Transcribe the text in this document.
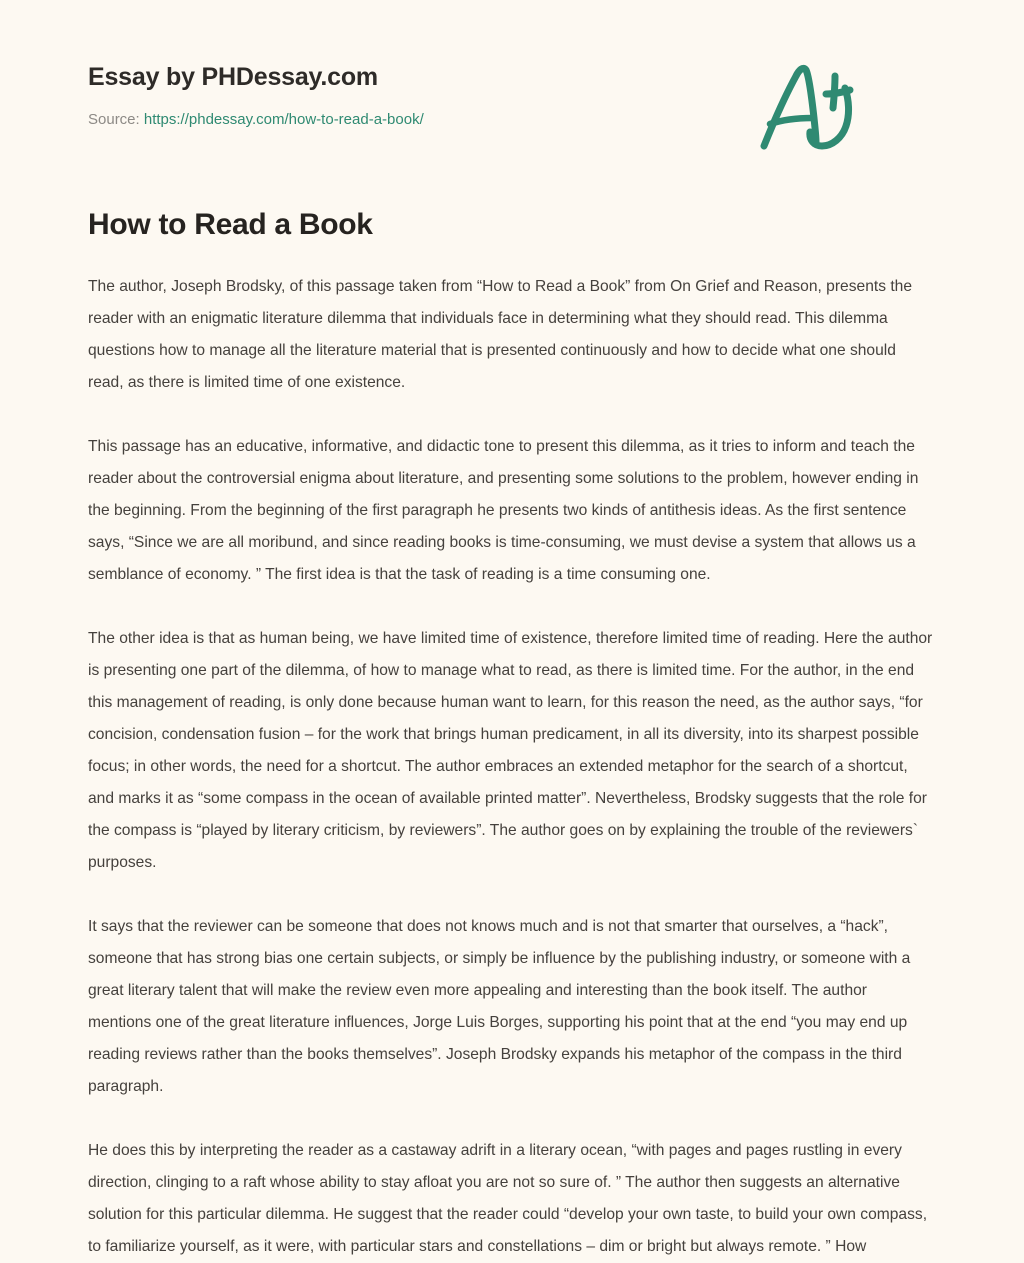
Essay by PHDessay.com
Source: https://phdessay.com/how-to-read-a-book/
How to Read a Book

The author, Joseph Brodsky, of this passage taken from “How to Read a Book” from On Grief and Reason, presents the reader with an enigmatic literature dilemma that individuals face in determining what they should read. This dilemma questions how to manage all the literature material that is presented continuously and how to decide what one should read, as there is limited time of one existence.

This passage has an educative, informative, and didactic tone to present this dilemma, as it tries to inform and teach the reader about the controversial enigma about literature, and presenting some solutions to the problem, however ending in the beginning. From the beginning of the first paragraph he presents two kinds of antithesis ideas. As the first sentence says, “Since we are all moribund, and since reading books is time-consuming, we must devise a system that allows us a semblance of economy. ” The first idea is that the task of reading is a time consuming one.

The other idea is that as human being, we have limited time of existence, therefore limited time of reading. Here the author is presenting one part of the dilemma, of how to manage what to read, as there is limited time. For the author, in the end this management of reading, is only done because human want to learn, for this reason the need, as the author says, “for concision, condensation fusion – for the work that brings human predicament, in all its diversity, into its sharpest possible focus; in other words, the need for a shortcut. The author embraces an extended metaphor for the search of a shortcut, and marks it as “some compass in the ocean of available printed matter”. Nevertheless, Brodsky suggests that the role for the compass is “played by literary criticism, by reviewers”. The author goes on by explaining the trouble of the reviewers` purposes.

It says that the reviewer can be someone that does not knows much and is not that smarter that ourselves, a “hack”, someone that has strong bias one certain subjects, or simply be influence by the publishing industry, or someone with a great literary talent that will make the review even more appealing and interesting than the book itself. The author mentions one of the great literature influences, Jorge Luis Borges, supporting his point that at the end “you may end up reading reviews rather than the books themselves”. Joseph Brodsky expands his metaphor of the compass in the third paragraph.

He does this by interpreting the reader as a castaway adrift in a literary ocean, “with pages and pages rustling in every direction, clinging to a raft whose ability to stay afloat you are not so sure of. ” The author then suggests an alternative solution for this particular dilemma. He suggest that the reader could “develop your own taste, to build your own compass, to familiarize yourself, as it were, with particular stars and constellations – dim or bright but always remote. ” How
